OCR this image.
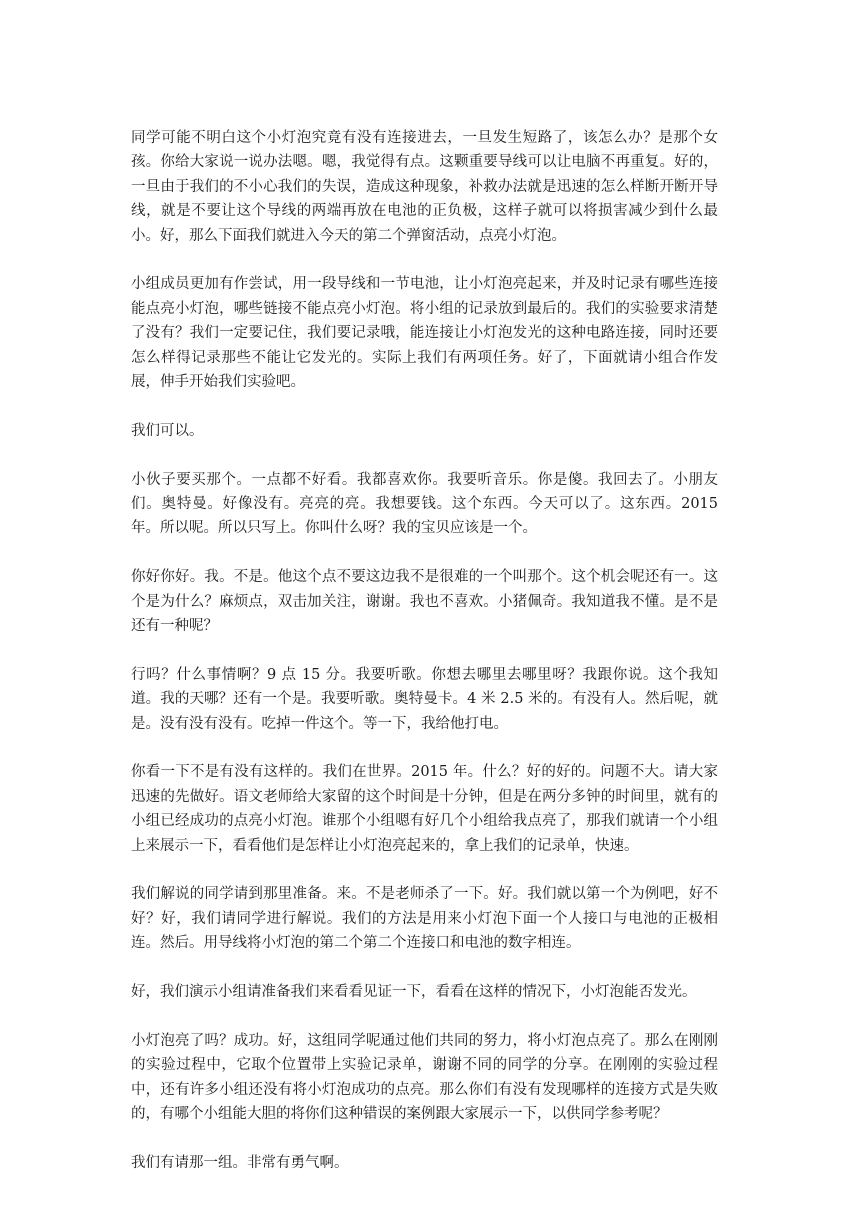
同学可能不明白这个小灯泡究竟有没有连接进去，一旦发生短路了，该怎么办？是那个女孩。你给大家说一说办法嗯。嗯，我觉得有点。这颗重要导线可以让电脑不再重复。好的，一旦由于我们的不小心我们的失误，造成这种现象，补救办法就是迅速的怎么样断开断开导线，就是不要让这个导线的两端再放在电池的正负极，这样子就可以将损害减少到什么最小。好，那么下面我们就进入今天的第二个弹窗活动，点亮小灯泡。

小组成员更加有作尝试，用一段导线和一节电池，让小灯泡亮起来，并及时记录有哪些连接能点亮小灯泡，哪些链接不能点亮小灯泡。将小组的记录放到最后的。我们的实验要求清楚了没有？我们一定要记住，我们要记录哦，能连接让小灯泡发光的这种电路连接，同时还要怎么样得记录那些不能让它发光的。实际上我们有两项任务。好了，下面就请小组合作发展，伸手开始我们实验吧。

我们可以。

小伙子要买那个。一点都不好看。我都喜欢你。我要听音乐。你是傻。我回去了。小朋友们。奥特曼。好像没有。亮亮的亮。我想要钱。这个东西。今天可以了。这东西。2015 年。所以呢。所以只写上。你叫什么呀？我的宝贝应该是一个。

你好你好。我。不是。他这个点不要这边我不是很难的一个叫那个。这个机会呢还有一。这个是为什么？麻烦点，双击加关注，谢谢。我也不喜欢。小猪佩奇。我知道我不懂。是不是还有一种呢？

行吗？什么事情啊？9 点 15 分。我要听歌。你想去哪里去哪里呀？我跟你说。这个我知道。我的天哪？还有一个是。我要听歌。奥特曼卡。4 米 2.5 米的。有没有人。然后呢，就是。没有没有没有。吃掉一件这个。等一下，我给他打电。

你看一下不是有没有这样的。我们在世界。2015 年。什么？好的好的。问题不大。请大家迅速的先做好。语文老师给大家留的这个时间是十分钟，但是在两分多钟的时间里，就有的小组已经成功的点亮小灯泡。谁那个小组嗯有好几个小组给我点亮了，那我们就请一个小组上来展示一下，看看他们是怎样让小灯泡亮起来的，拿上我们的记录单，快速。

我们解说的同学请到那里准备。来。不是老师杀了一下。好。我们就以第一个为例吧，好不好？好，我们请同学进行解说。我们的方法是用来小灯泡下面一个人接口与电池的正极相连。然后。用导线将小灯泡的第二个第二个连接口和电池的数字相连。

好，我们演示小组请准备我们来看看见证一下，看看在这样的情况下，小灯泡能否发光。

小灯泡亮了吗？成功。好，这组同学呢通过他们共同的努力，将小灯泡点亮了。那么在刚刚的实验过程中，它取个位置带上实验记录单，谢谢不同的同学的分享。在刚刚的实验过程中，还有许多小组还没有将小灯泡成功的点亮。那么你们有没有发现哪样的连接方式是失败的，有哪个小组能大胆的将你们这种错误的案例跟大家展示一下，以供同学参考呢？

我们有请那一组。非常有勇气啊。
